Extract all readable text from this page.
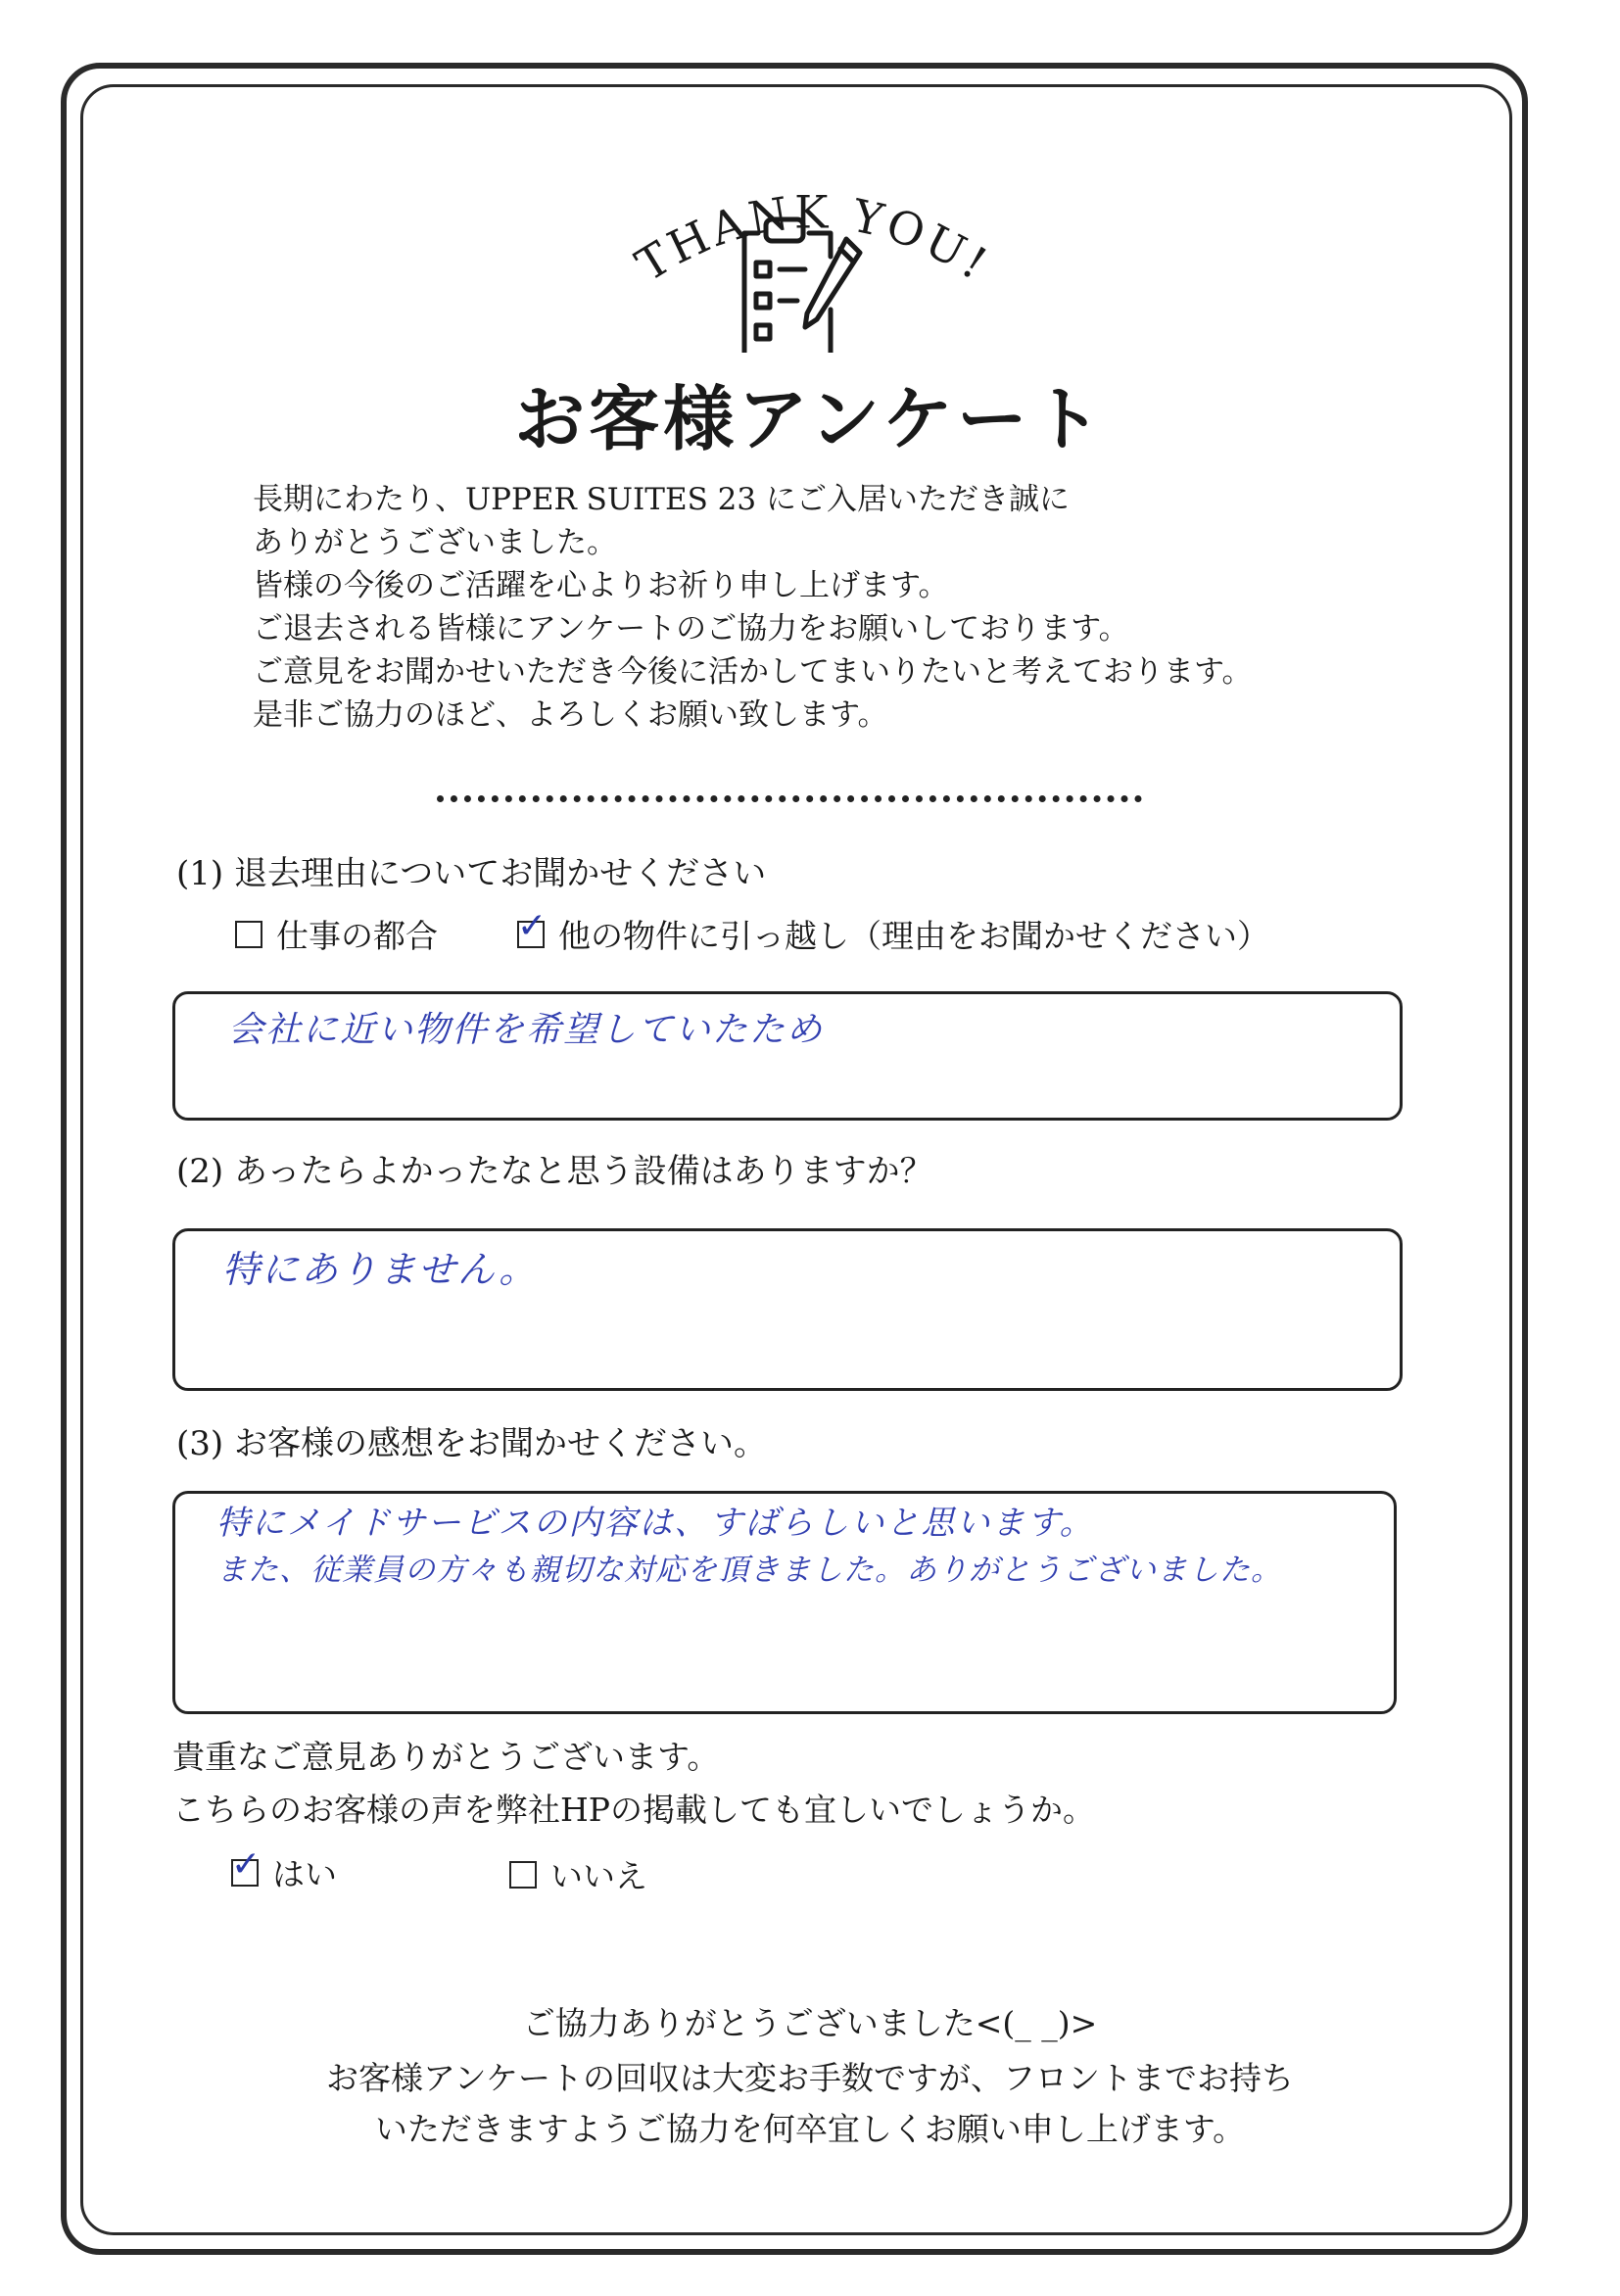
THANK YOU!
お客様アンケート
長期にわたり、UPPER SUITES 23 にご入居いただき誠に
ありがとうございました。
皆様の今後のご活躍を心よりお祈り申し上げます。
ご退去される皆様にアンケートのご協力をお願いしております。
ご意見をお聞かせいただき今後に活かしてまいりたいと考えております。
是非ご協力のほど、よろしくお願い致します。
(1) 退去理由についてお聞かせください
仕事の都合 ✓ 他の物件に引っ越し（理由をお聞かせください）
会社に近い物件を希望していたため
(2) あったらよかったなと思う設備はありますか？
特にありません。
(3) お客様の感想をお聞かせください。
特にメイドサービスの内容は、すばらしいと思います。
また、従業員の方々も親切な対応を頂きました。ありがとうございました。
貴重なご意見ありがとうございます。
こちらのお客様の声を弊社HPの掲載しても宜しいでしょうか。
✓ はい	いいえ
ご協力ありがとうございました<(_ _)>
お客様アンケートの回収は大変お手数ですが、フロントまでお持ち
いただきますようご協力を何卒宜しくお願い申し上げます。
